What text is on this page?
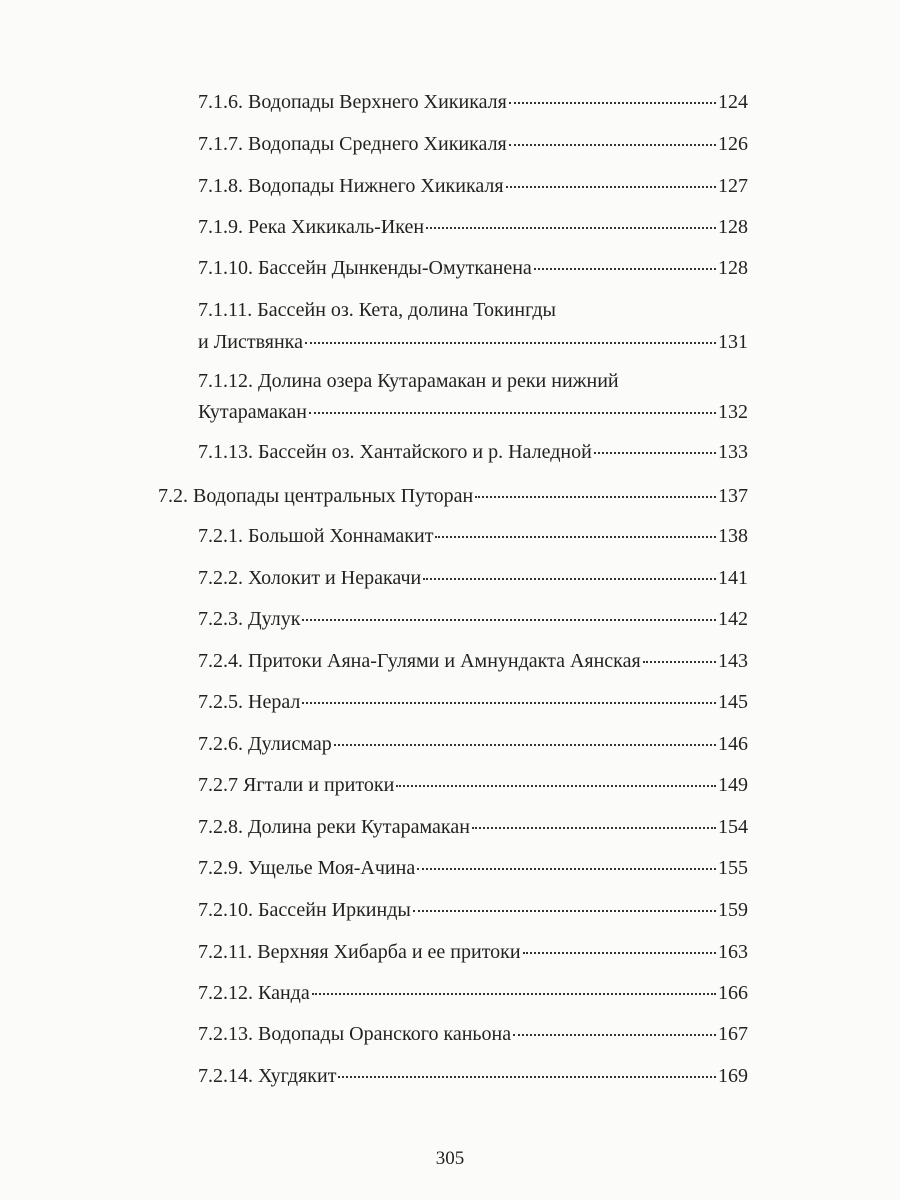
7.1.6. Водопады Верхнего Хикикаля	124
7.1.7. Водопады Среднего Хикикаля	126
7.1.8. Водопады Нижнего Хикикаля	127
7.1.9. Река Хикикаль-Икен	128
7.1.10. Бассейн Дынкенды-Омутканена	128
7.1.11. Бассейн оз. Кета, долина Токингды
и Листвянка	131
7.1.12. Долина озера Кутарамакан и реки нижний
Кутарамакан	132
7.1.13. Бассейн оз. Хантайского и р. Наледной	133
7.2. Водопады центральных Путоран	137
7.2.1. Большой Хоннамакит	138
7.2.2. Холокит и Неракачи	141
7.2.3. Дулук	142
7.2.4. Притоки Аяна-Гулями и Амнундакта Аянская	143
7.2.5. Нерал	145
7.2.6. Дулисмар	146
7.2.7 Ягтали и притоки	149
7.2.8. Долина реки Кутарамакан	154
7.2.9. Ущелье Моя-Ачина	155
7.2.10. Бассейн Иркинды	159
7.2.11. Верхняя Хибарба и ее притоки	163
7.2.12. Канда	166
7.2.13. Водопады Оранского каньона	167
7.2.14. Хугдякит	169
305
